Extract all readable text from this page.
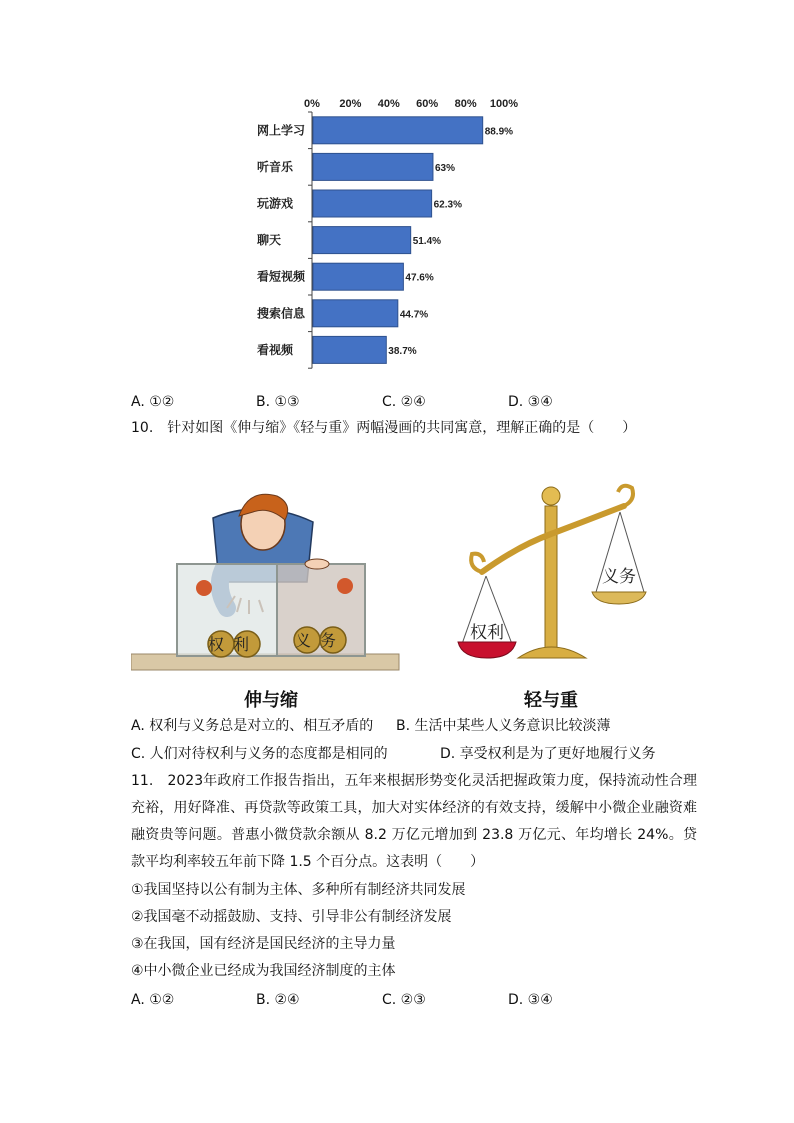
0% 20% 40% 60% 80% 100%
网上学习	88.9%
听音乐	63%
玩游戏	62.3%
聊天	51.4%
看短视频	47.6%
搜索信息	44.7%
看视频	38.7%
A. ①②	B. ①③	C. ②④	D. ③④
10.　针对如图《伸与缩》《轻与重》两幅漫画的共同寓意，理解正确的是（　　）
权利 义务
伸与缩
权利
义务
轻与重
A. 权利与义务总是对立的、相互矛盾的 B. 生活中某些人义务意识比较淡薄
C. 人们对待权利与义务的态度都是相同的	D. 享受权利是为了更好地履行义务
11.　2023年政府工作报告指出，五年来根据形势变化灵活把握政策力度，保持流动性合理充裕，用好降准、再贷款等政策工具，加大对实体经济的有效支持，缓解中小微企业融资难融资贵等问题。普惠小微贷款余额从 8.2 万亿元增加到 23.8 万亿元、年均增长 24%。贷款平均利率较五年前下降 1.5 个百分点。这表明（　　）
①我国坚持以公有制为主体、多种所有制经济共同发展
②我国毫不动摇鼓励、支持、引导非公有制经济发展
③在我国，国有经济是国民经济的主导力量
④中小微企业已经成为我国经济制度的主体
A. ①②	B. ②④	C. ②③	D. ③④
